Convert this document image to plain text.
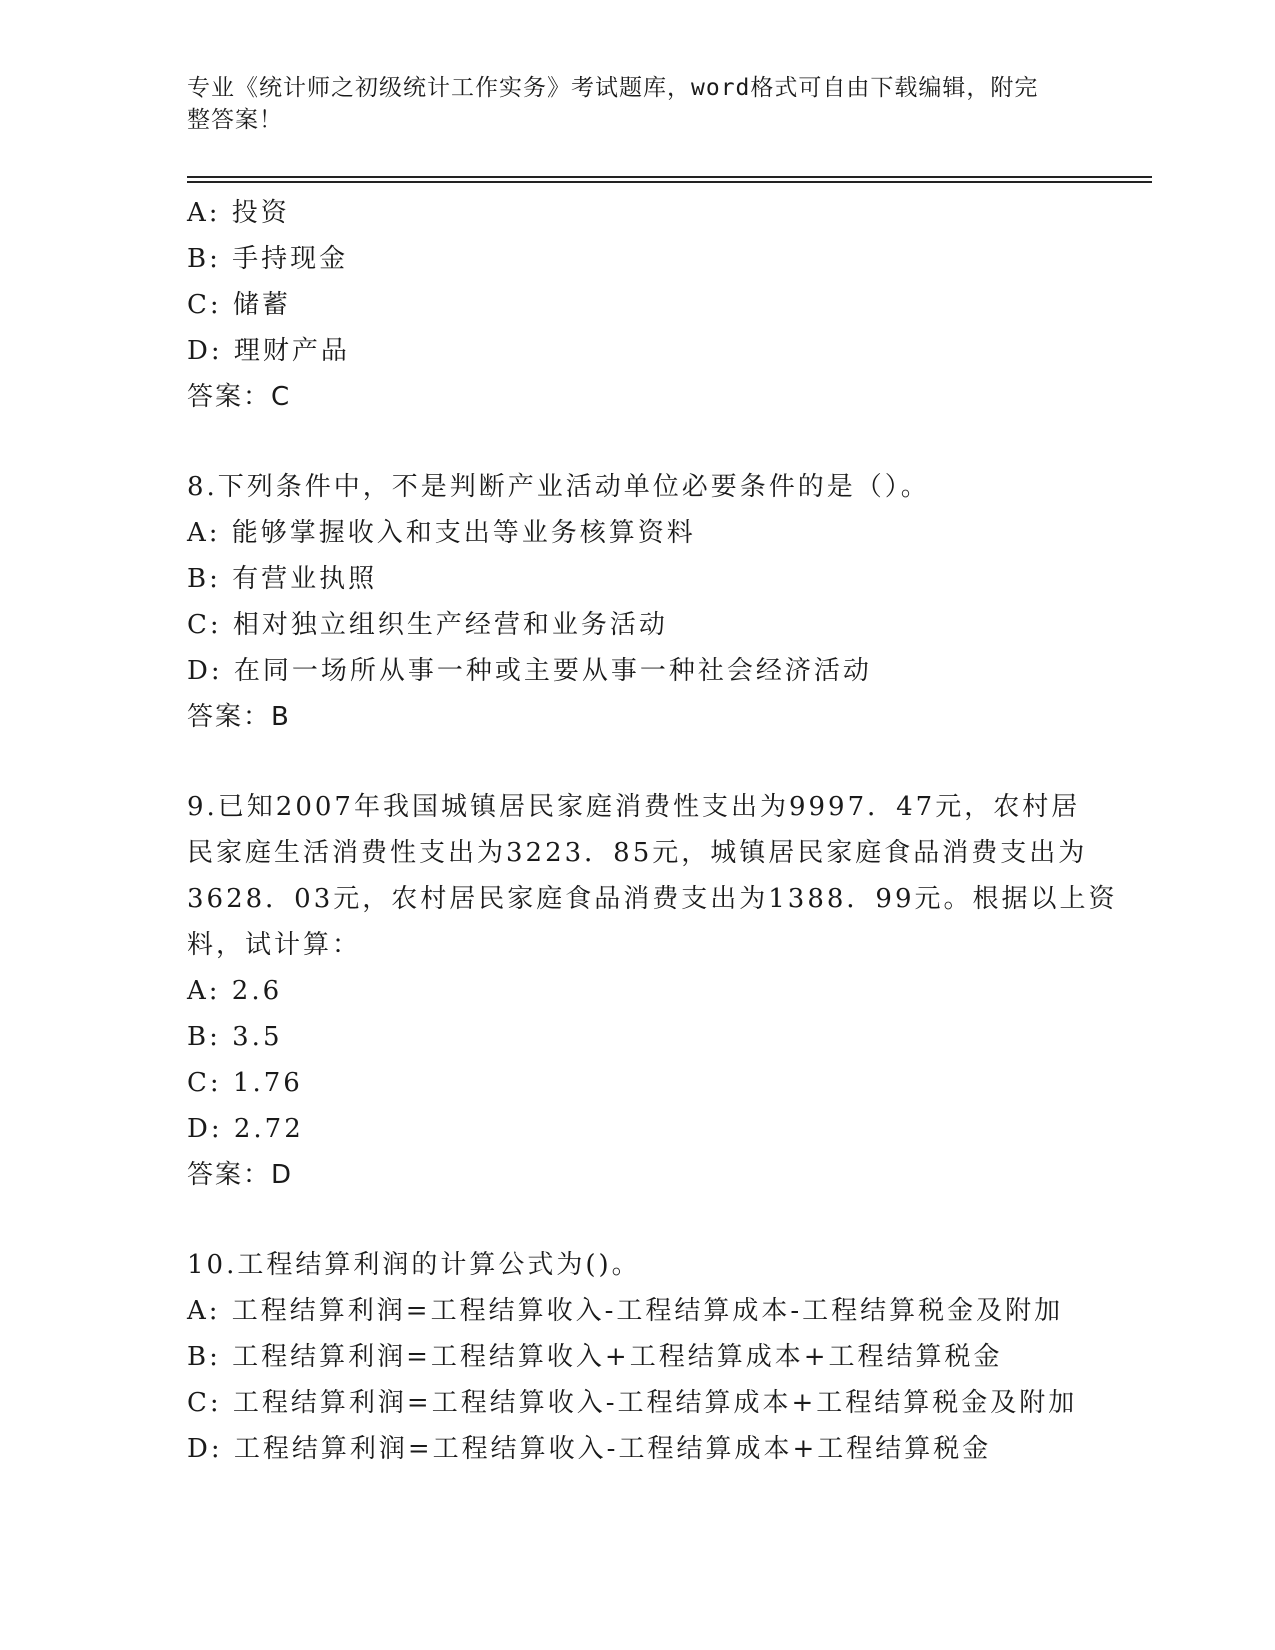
专业《统计师之初级统计工作实务》考试题库，word格式可自由下载编辑，附完
整答案！
A: 投资
B: 手持现金
C: 储蓄
D: 理财产品
答案：C
8.下列条件中，不是判断产业活动单位必要条件的是（）。
A: 能够掌握收入和支出等业务核算资料
B: 有营业执照
C: 相对独立组织生产经营和业务活动
D: 在同一场所从事一种或主要从事一种社会经济活动
答案：B
9.已知2007年我国城镇居民家庭消费性支出为9997．47元，农村居
民家庭生活消费性支出为3223．85元，城镇居民家庭食品消费支出为
3628．03元，农村居民家庭食品消费支出为1388．99元。根据以上资
料，试计算：
A: 2.6
B: 3.5
C: 1.76
D: 2.72
答案：D
10.工程结算利润的计算公式为()。
A: 工程结算利润=工程结算收入-工程结算成本-工程结算税金及附加
B: 工程结算利润=工程结算收入+工程结算成本+工程结算税金
C: 工程结算利润=工程结算收入-工程结算成本+工程结算税金及附加
D: 工程结算利润=工程结算收入-工程结算成本+工程结算税金
